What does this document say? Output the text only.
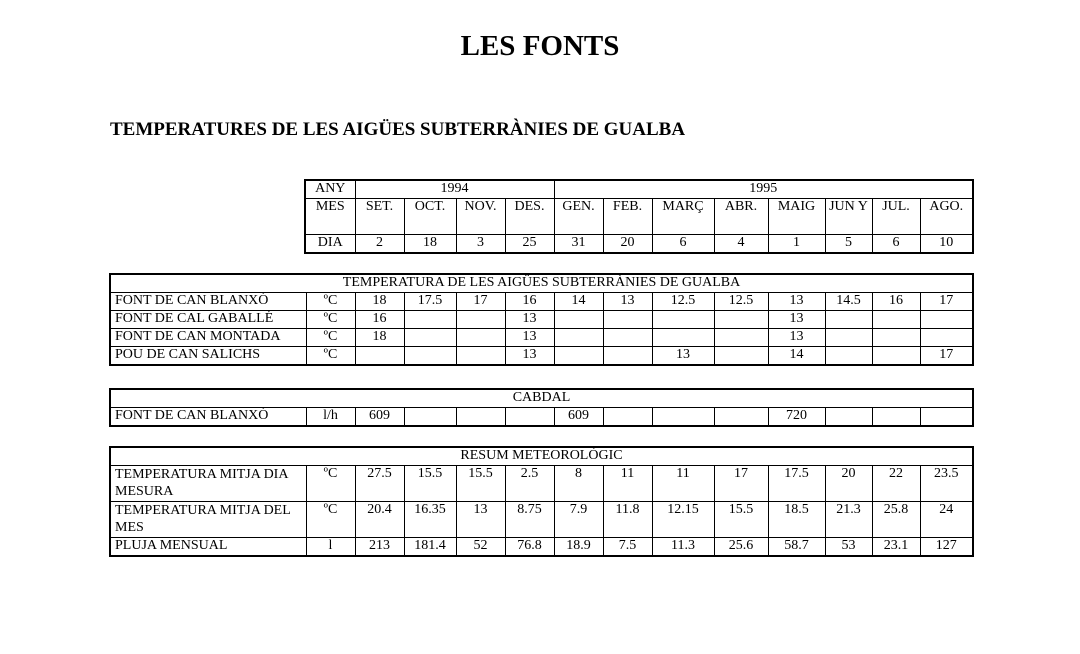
LES FONTS
TEMPERATURES DE LES AIGÜES SUBTERRÀNIES DE GUALBA
ANY	1994				1995							
MES	SET.	OCT.	NOV.	DES.	GEN.	FEB.	MARÇ	ABR.	MAIG	JUN Y	JUL.	AGO.
DIA	2	18	3	25	31	20	6	4	1	5	6	10
TEMPERATURA DE LES AIGÜES SUBTERRÀNIES DE GUALBA													
FONT DE CAN BLANXÓ	ºC	18	17.5	17	16	14	13	12.5	12.5	13	14.5	16	17
FONT DE CAL GABALLÉ	ºC	16			13					13			
FONT DE CAN MONTADA	ºC	18			13					13			
POU DE CAN SALICHS	ºC				13			13		14			17
CABDAL
FONT DE CAN BLANXÓ	l/h	609				609				720			
RESUM METEOROLÒGIC													
TEMPERATURA MITJA DIA MESURA	ºC	27.5	15.5	15.5	2.5	8	11	11	17	17.5	20	22	23.5
TEMPERATURA MITJA DEL MES	ºC	20.4	16.35	13	8.75	7.9	11.8	12.15	15.5	18.5	21.3	25.8	24
PLUJA MENSUAL	l	213	181.4	52	76.8	18.9	7.5	11.3	25.6	58.7	53	23.1	127
